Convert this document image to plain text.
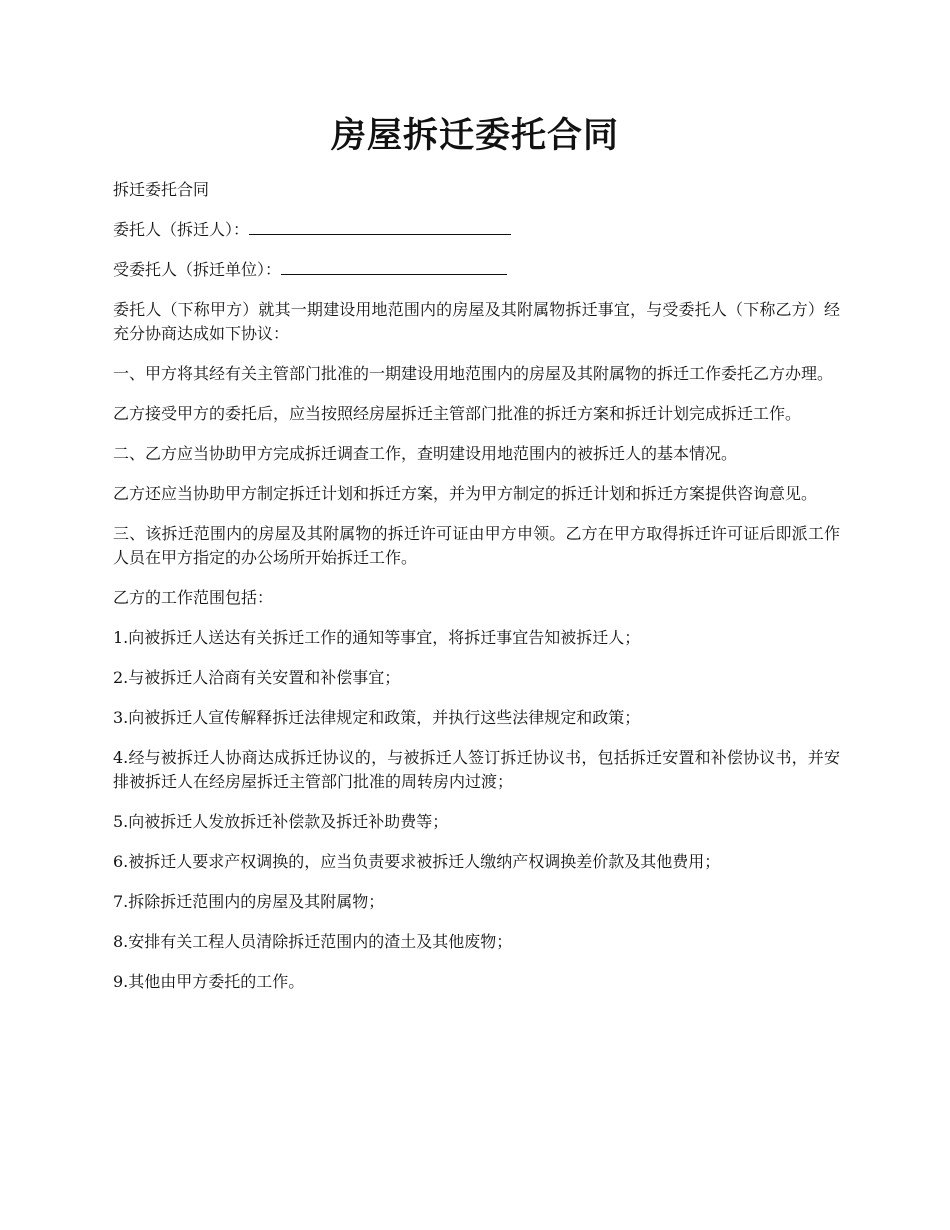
房屋拆迁委托合同

拆迁委托合同

委托人（拆迁人）：

受委托人（拆迁单位）：

委托人（下称甲方）就其一期建设用地范围内的房屋及其附属物拆迁事宜，与受委托人（下称乙方）经充分协商达成如下协议：

一、甲方将其经有关主管部门批准的一期建设用地范围内的房屋及其附属物的拆迁工作委托乙方办理。

乙方接受甲方的委托后，应当按照经房屋拆迁主管部门批准的拆迁方案和拆迁计划完成拆迁工作。

二、乙方应当协助甲方完成拆迁调查工作，查明建设用地范围内的被拆迁人的基本情况。

乙方还应当协助甲方制定拆迁计划和拆迁方案，并为甲方制定的拆迁计划和拆迁方案提供咨询意见。

三、该拆迁范围内的房屋及其附属物的拆迁许可证由甲方申领。乙方在甲方取得拆迁许可证后即派工作人员在甲方指定的办公场所开始拆迁工作。

乙方的工作范围包括：

1.向被拆迁人送达有关拆迁工作的通知等事宜，将拆迁事宜告知被拆迁人；

2.与被拆迁人洽商有关安置和补偿事宜；

3.向被拆迁人宣传解释拆迁法律规定和政策，并执行这些法律规定和政策；

4.经与被拆迁人协商达成拆迁协议的，与被拆迁人签订拆迁协议书，包括拆迁安置和补偿协议书，并安排被拆迁人在经房屋拆迁主管部门批准的周转房内过渡；

5.向被拆迁人发放拆迁补偿款及拆迁补助费等；

6.被拆迁人要求产权调换的，应当负责要求被拆迁人缴纳产权调换差价款及其他费用；

7.拆除拆迁范围内的房屋及其附属物；

8.安排有关工程人员清除拆迁范围内的渣土及其他废物；

9.其他由甲方委托的工作。
